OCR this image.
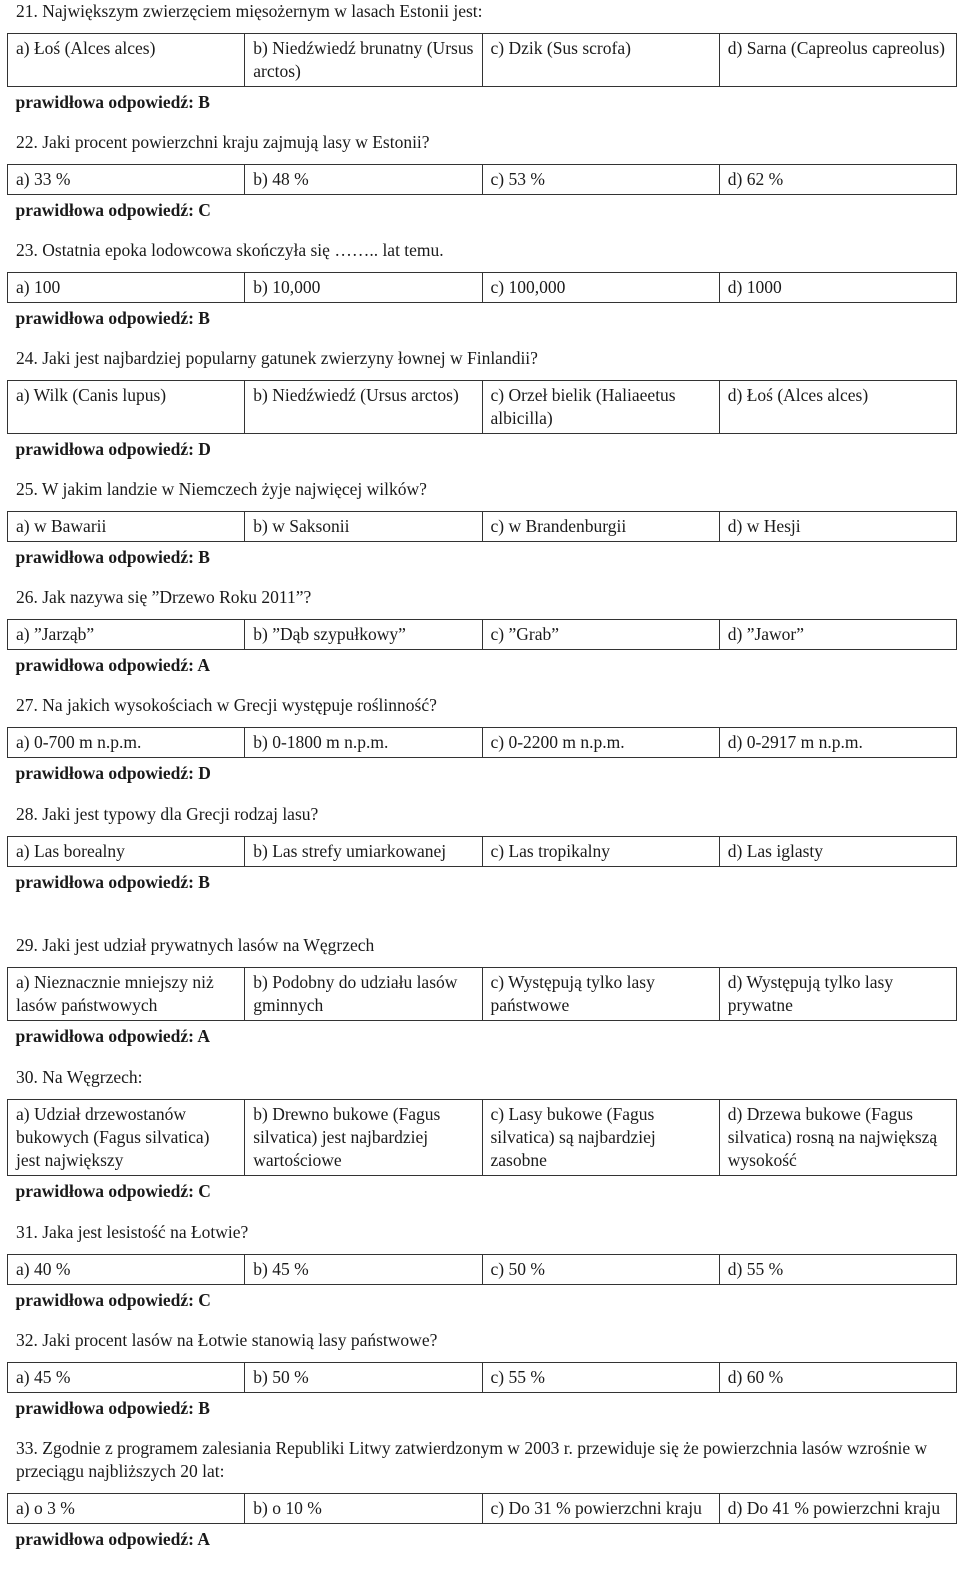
21. Największym zwierzęciem mięsożernym w lasach Estonii jest:
a) Łoś (Alces alces)	b) Niedźwiedź brunatny (Ursus arctos)	c) Dzik (Sus scrofa)	d) Sarna (Capreolus capreolus)
prawidłowa odpowiedź: B
22. Jaki procent powierzchni kraju zajmują lasy w Estonii?
a) 33 %	b) 48 %	c) 53 %	d) 62 %
prawidłowa odpowiedź: C
23. Ostatnia epoka lodowcowa skończyła się …….. lat temu.
a) 100	b) 10,000	c) 100,000	d) 1000
prawidłowa odpowiedź: B
24. Jaki jest najbardziej popularny gatunek zwierzyny łownej w Finlandii?
a) Wilk (Canis lupus)	b) Niedźwiedź (Ursus arctos)	c) Orzeł bielik (Haliaeetus albicilla)	d) Łoś (Alces alces)
prawidłowa odpowiedź: D
25. W jakim landzie w Niemczech żyje najwięcej wilków?
a) w Bawarii	b) w Saksonii	c) w Brandenburgii	d) w Hesji
prawidłowa odpowiedź: B
26. Jak nazywa się ”Drzewo Roku 2011”?
a) ”Jarząb”	b) ”Dąb szypułkowy”	c) ”Grab”	d) ”Jawor”
prawidłowa odpowiedź: A
27. Na jakich wysokościach w Grecji występuje roślinność?
a) 0-700 m n.p.m.	b) 0-1800 m n.p.m.	c) 0-2200 m n.p.m.	d) 0-2917 m n.p.m.
prawidłowa odpowiedź: D
28. Jaki jest typowy dla Grecji rodzaj lasu?
a) Las borealny	b) Las strefy umiarkowanej	c) Las tropikalny	d) Las iglasty
prawidłowa odpowiedź: B
29. Jaki jest udział prywatnych lasów na Węgrzech
a) Nieznacznie mniejszy niż lasów państwowych	b) Podobny do udziału lasów gminnych	c) Występują tylko lasy państwowe	d) Występują tylko lasy prywatne
prawidłowa odpowiedź: A
30. Na Węgrzech:
a) Udział drzewostanów bukowych (Fagus silvatica) jest największy	b) Drewno bukowe (Fagus silvatica) jest najbardziej wartościowe	c) Lasy bukowe (Fagus silvatica) są najbardziej zasobne	d) Drzewa bukowe (Fagus silvatica) rosną na największą wysokość
prawidłowa odpowiedź: C
31. Jaka jest lesistość na Łotwie?
a) 40 %	b) 45 %	c) 50 %	d) 55 %
prawidłowa odpowiedź: C
32. Jaki procent lasów na Łotwie stanowią lasy państwowe?
a) 45 %	b) 50 %	c) 55 %	d) 60 %
prawidłowa odpowiedź: B
33. Zgodnie z programem zalesiania Republiki Litwy zatwierdzonym w 2003 r. przewiduje się że powierzchnia lasów wzrośnie w przeciągu najbliższych 20 lat:
a) o 3 %	b) o 10 %	c) Do 31 % powierzchni kraju	d) Do 41 % powierzchni kraju
prawidłowa odpowiedź: A
